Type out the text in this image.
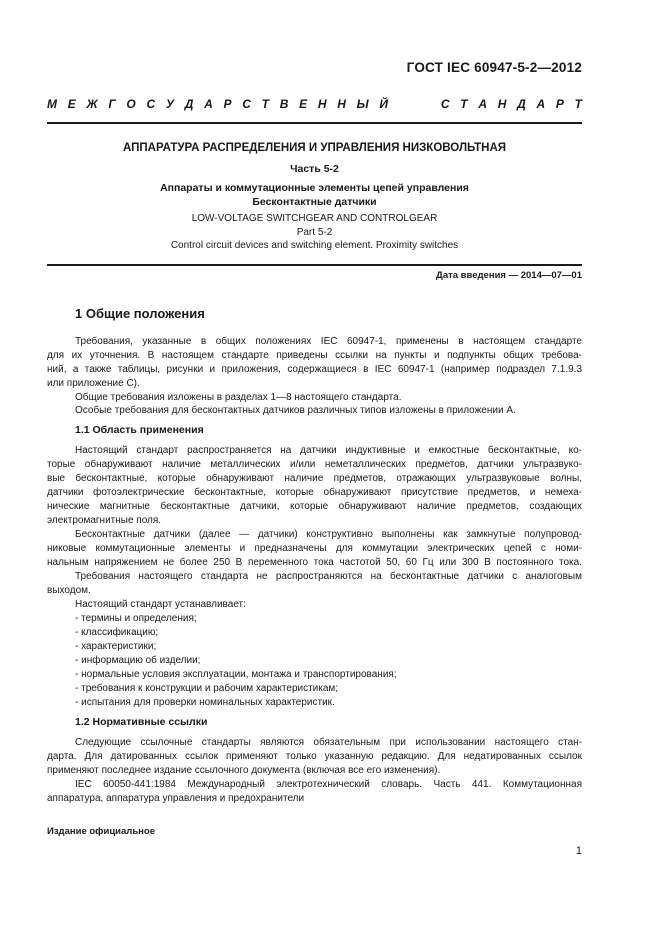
ГОСТ IEC 60947-5-2—2012
М Е Ж Г О С У Д А Р С Т В Е Н Н Ы Й

	С Т А Н Д А Р Т
АППАРАТУРА РАСПРЕДЕЛЕНИЯ И УПРАВЛЕНИЯ НИЗКОВОЛЬТНАЯ
Часть 5-2
Аппараты и коммутационные элементы цепей управления
Бесконтактные датчики
LOW-VOLTAGE SWITCHGEAR AND CONTROLGEAR
Part 5-2
Control circuit devices and switching element. Proximity switches
Дата введения — 2014—07—01
1 Общие положения
Требования, указанные в общих положениях IEC 60947-1, применены в настоящем стандарте
для их уточнения. В настоящем стандарте приведены ссылки на пункты и подпункты общих требова-
ний, а также таблицы, рисунки и приложения, содержащиеся в IEC 60947-1 (например подраздел 7.1.9.3
или приложение С).
Общие требования изложены в разделах 1—8 настоящего стандарта.
Особые требования для бесконтактных датчиков различных типов изложены в приложении А.
1.1 Область применения
Настоящий стандарт распространяется на датчики индуктивные и емкостные бесконтактные, ко-
торые обнаруживают наличие металлических и/или неметаллических предметов, датчики ультразвуко-
вые бесконтактные, которые обнаруживают наличие предметов, отражающих ультразвуковые волны,
датчики фотоэлектрические бесконтактные, которые обнаруживают присутствие предметов, и немеха-
нические магнитные бесконтактные датчики, которые обнаруживают наличие предметов, создающих
электромагнитные поля.
Бесконтактные датчики (далее — датчики) конструктивно выполнены как замкнутые полупровод-
никовые коммутационные элементы и предназначены для коммутации электрических цепей с номи-
нальным напряжением не более 250 В переменного тока частотой 50, 60 Гц или 300 В постоянного тока.
Требования настоящего стандарта не распространяются на бесконтактные датчики с аналоговым
выходом.
Настоящий стандарт устанавливает:
- термины и определения;
- классификацию;
- характеристики;
- информацию об изделии;
- нормальные условия эксплуатации, монтажа и транспортирования;
- требования к конструкции и рабочим характеристикам;
- испытания для проверки номинальных характеристик.
1.2 Нормативные ссылки
Следующие ссылочные стандарты являются обязательным при использовании настоящего стан-
дарта. Для датированных ссылок применяют только указанную редакцию. Для недатированных ссылок
применяют последнее издание ссылочного документа (включая все его изменения).
IEC 60050-441:1984 Международный электротехнический словарь. Часть 441. Коммутационная
аппаратура, аппаратура управления и предохранители
Издание официальное
1
